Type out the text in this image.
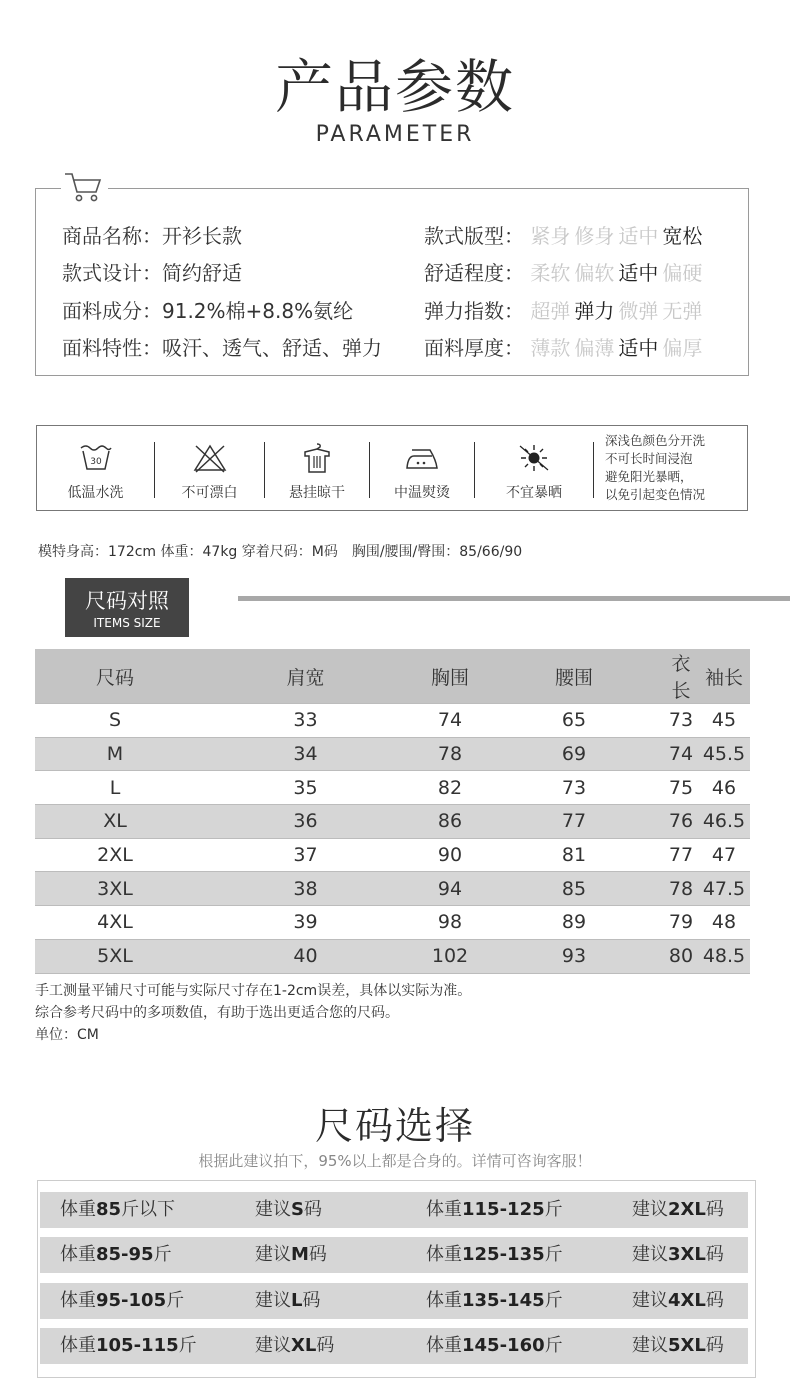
产品参数
PARAMETER
商品名称：开衫长款
款式设计：简约舒适
面料成分：91.2%棉+8.8%氨纶
面料特性：吸汗、透气、舒适、弹力
款式版型： 紧身 修身 适中 宽松
舒适程度： 柔软 偏软 适中 偏硬
弹力指数： 超弹 弹力 微弹 无弹
面料厚度： 薄款 偏薄 适中 偏厚
30
低温水洗	不可漂白	悬挂晾干	中温熨烫	不宜暴晒
深浅色颜色分开洗
不可长时间浸泡
避免阳光暴晒，
以免引起变色情况
模特身高：172cm 体重：47kg 穿着尺码：M码　胸围/腰围/臀围：85/66/90
尺码对照
ITEMS SIZE
尺码	肩宽	胸围	腰围	衣长	袖长
S	33	74	65	73	45
M	34	78	69	74	45.5
L	35	82	73	75	46
XL	36	86	77	76	46.5
2XL	37	90	81	77	47
3XL	38	94	85	78	47.5
4XL	39	98	89	79	48
5XL	40	102	93	80	48.5
手工测量平铺尺寸可能与实际尺寸存在1-2cm误差，具体以实际为准。
综合参考尺码中的多项数值，有助于选出更适合您的尺码。
单位：CM
尺码选择
根据此建议拍下，95%以上都是合身的。详情可咨询客服！
体重85斤以下	建议S码	体重115-125斤	建议2XL码
体重85-95斤	建议M码	体重125-135斤	建议3XL码
体重95-105斤	建议L码	体重135-145斤	建议4XL码
体重105-115斤	建议XL码	体重145-160斤	建议5XL码
